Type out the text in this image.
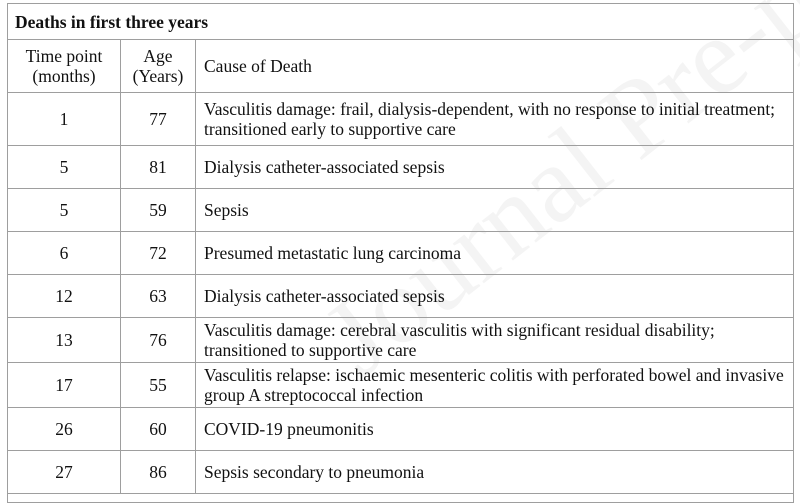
Deaths in first three years		
Time point (months)	Age (Years)	Cause of Death
1	77	Vasculitis damage: frail, dialysis-dependent, with no response to initial treatment; transitioned early to supportive care
5	81	Dialysis catheter-associated sepsis
5	59	Sepsis
6	72	Presumed metastatic lung carcinoma
12	63	Dialysis catheter-associated sepsis
13	76	Vasculitis damage: cerebral vasculitis with significant residual disability; transitioned to supportive care
17	55	Vasculitis relapse: ischaemic mesenteric colitis with perforated bowel and invasive group A streptococcal infection
26	60	COVID-19 pneumonitis
27	86	Sepsis secondary to pneumonia
